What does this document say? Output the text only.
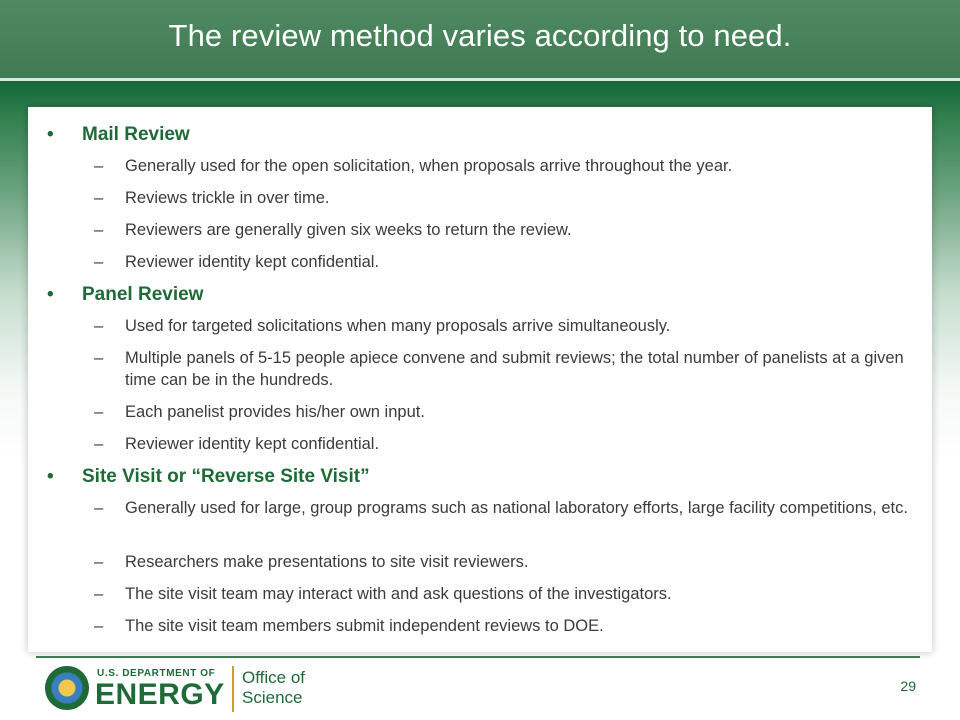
The review method varies according to need.
• Mail Review
– Generally used for the open solicitation, when proposals arrive throughout the year.
– Reviews trickle in over time.
– Reviewers are generally given six weeks to return the review.
– Reviewer identity kept confidential.
• Panel Review
– Used for targeted solicitations when many proposals arrive simultaneously.
– Multiple panels of 5-15 people apiece convene and submit reviews; the total number of panelists at a given time can be in the hundreds.
– Each panelist provides his/her own input.
– Reviewer identity kept confidential.
• Site Visit or “Reverse Site Visit”
– Generally used for large, group programs such as national laboratory efforts, large facility competitions, etc.
– Researchers make presentations to site visit reviewers.
– The site visit team may interact with and ask questions of the investigators.
– The site visit team members submit independent reviews to DOE.
U.S. DEPARTMENT OF
ENERGY
Office of
Science
29
